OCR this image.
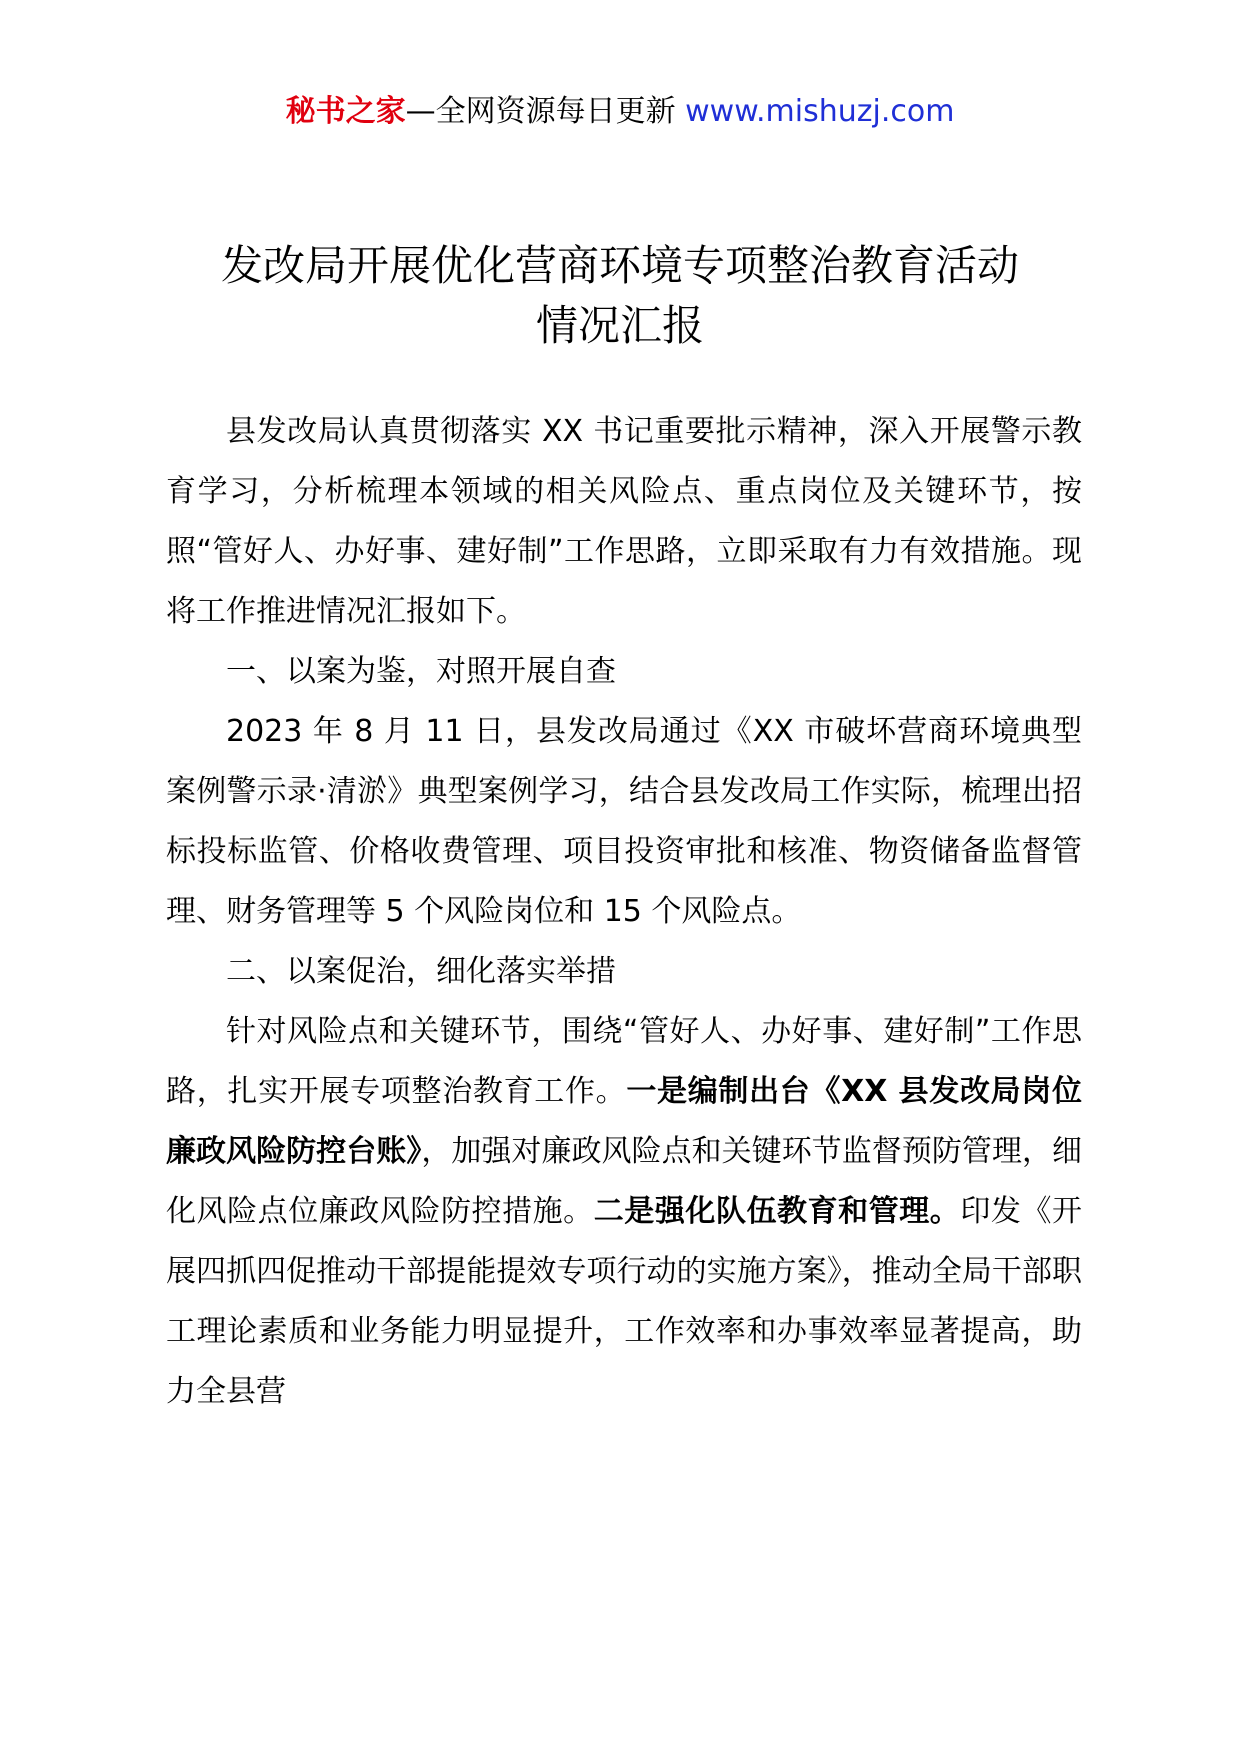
秘书之家—全网资源每日更新 www.mishuzj.com
发改局开展优化营商环境专项整治教育活动
情况汇报

县发改局认真贯彻落实 XX 书记重要批示精神，深入开展警示教育学习，分析梳理本领域的相关风险点、重点岗位及关键环节，按照“管好人、办好事、建好制”工作思路，立即采取有力有效措施。现将工作推进情况汇报如下。

一、以案为鉴，对照开展自查

2023 年 8 月 11 日，县发改局通过《XX 市破坏营商环境典型案例警示录·清淤》典型案例学习，结合县发改局工作实际，梳理出招标投标监管、价格收费管理、项目投资审批和核准、物资储备监督管理、财务管理等 5 个风险岗位和 15 个风险点。

二、以案促治，细化落实举措

针对风险点和关键环节，围绕“管好人、办好事、建好制”工作思路，扎实开展专项整治教育工作。一是编制出台《XX 县发改局岗位廉政风险防控台账》，加强对廉政风险点和关键环节监督预防管理，细化风险点位廉政风险防控措施。二是强化队伍教育和管理。印发《开展四抓四促推动干部提能提效专项行动的实施方案》，推动全局干部职工理论素质和业务能力明显提升，工作效率和办事效率显著提高，助力全县营
